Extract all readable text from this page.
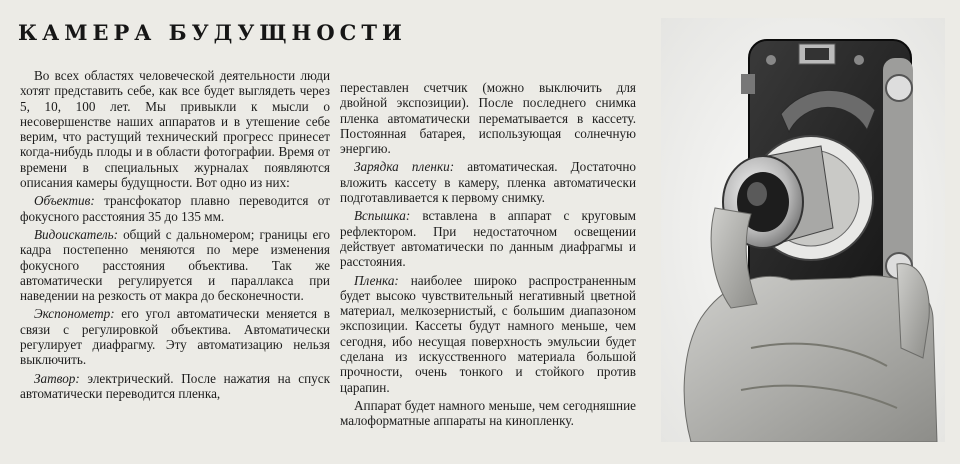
КАМЕРА БУДУЩНОСТИ

Во всех областях человеческой деятельности люди хотят представить себе, как все будет выглядеть через 5, 10, 100 лет. Мы привыкли к мысли о несовершенстве наших аппаратов и в утешение себе верим, что растущий технический прогресс принесет когда-нибудь плоды и в области фотографии. Время от времени в специальных журналах появляются описания камеры будущности. Вот одно из них:

Объектив: трансфокатор плавно переводится от фокусного расстояния 35 до 135 мм.

Видоискатель: общий с дальномером; границы его кадра постепенно меняются по мере изменения фокусного расстояния объектива. Так же автоматически регулируется и параллакса при наведении на резкость от макра до бесконечности.

Экспонометр: его угол автоматически меняется в связи с регулировкой объектива. Автоматически регулирует диафрагму. Эту автоматизацию нельзя выключить.

Затвор: электрический. После нажатия на спуск автоматически переводится пленка,

переставлен счетчик (можно выключить для двойной экспозиции). После последнего снимка пленка автоматически перематывается в кассету. Постоянная батарея, использующая солнечную энергию.

Зарядка пленки: автоматическая. Достаточно вложить кассету в камеру, пленка автоматически подготавливается к первому снимку.

Вспышка: вставлена в аппарат с круговым рефлектором. При недостаточном освещении действует автоматически по данным диафрагмы и расстояния.

Пленка: наиболее широко распространенным будет высоко чувствительный негативный цветной материал, мелкозернистый, с большим диапазоном экспозиции. Кассеты будут намного меньше, чем сегодня, ибо несущая поверхность эмульсии будет сделана из искусственного материала большой прочности, очень тонкого и стойкого против царапин.

Аппарат будет намного меньше, чем сегодняшние малоформатные аппараты на кинопленку.
